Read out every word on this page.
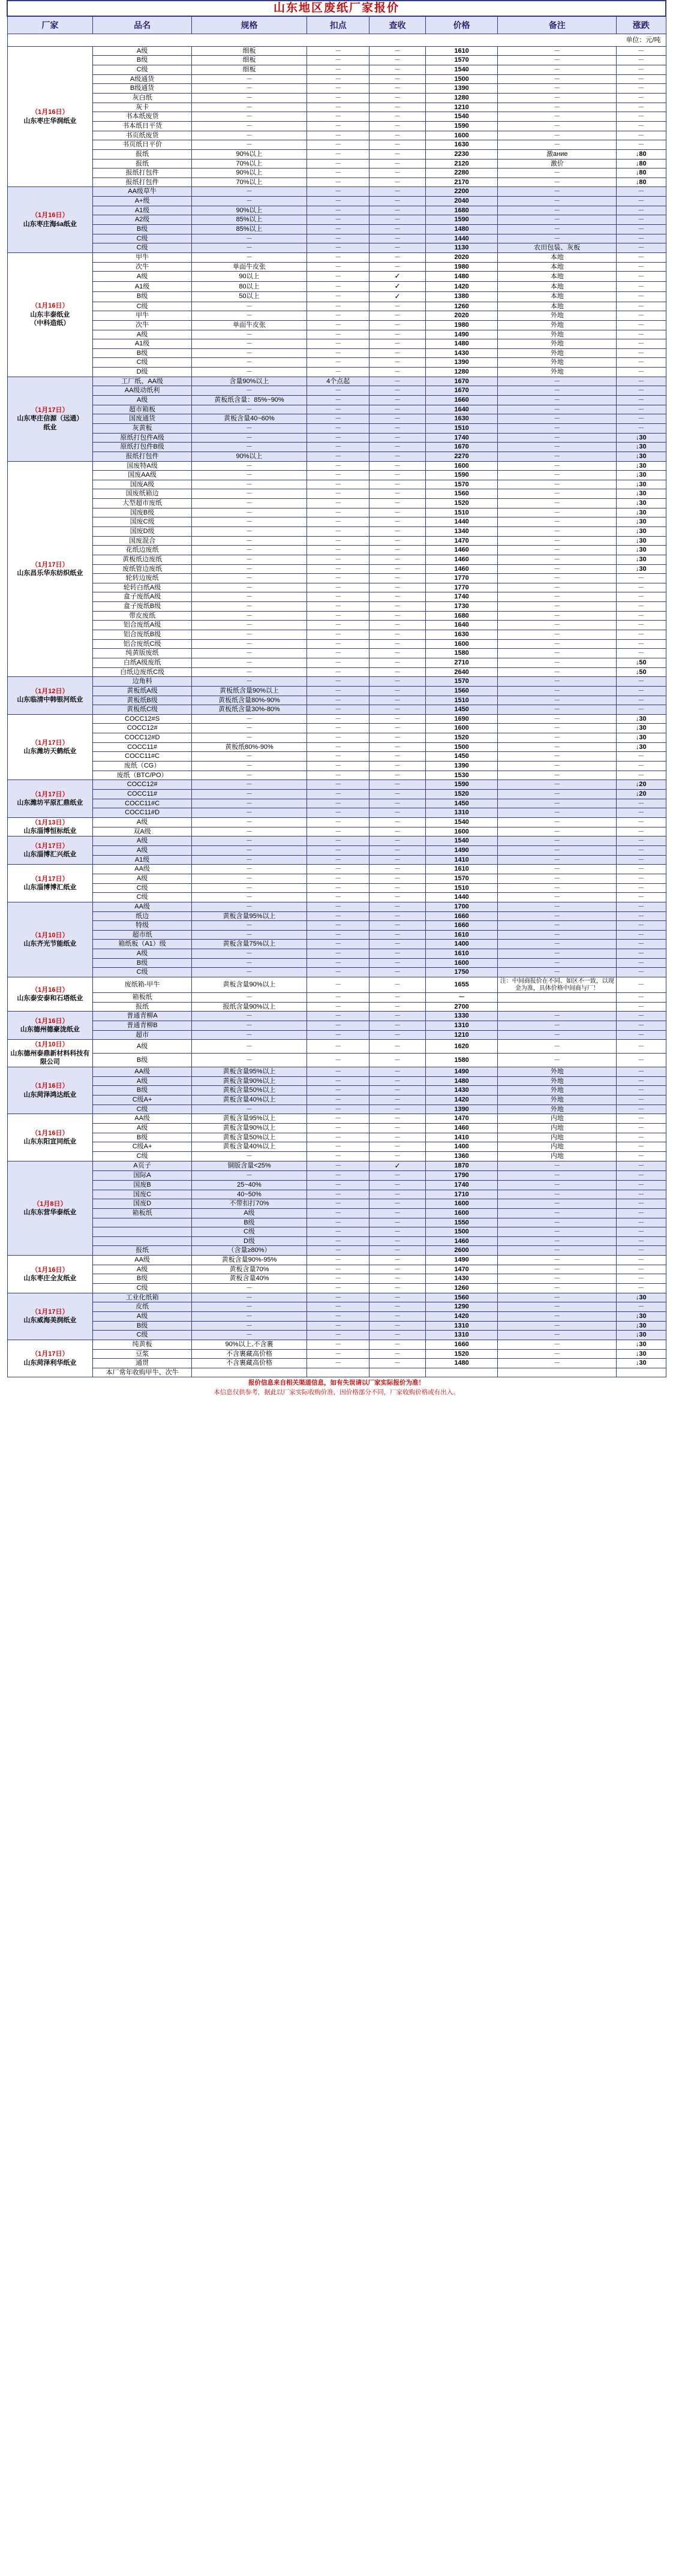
山东地区废纸厂家报价							
厂家	品名	规格	扣点	查收	价格	备注	涨跌
单位：元/吨							

（1月16日）
山东枣庄华润纸业	A级	细板	－	－	1610	－	－
	B级	细板	－	－	1570	－	－
	C级	细板	－	－	1540	－	－
	A级通货	－	－	－	1500	－	－
	B级通货	－	－	－	1390	－	－
	灰白纸	－	－	－	1280	－	－
	灰卡	－	－	－	1210	－	－
	书本纸废货	－	－	－	1540	－	－
	书本纸日平货	－	－	－	1590	－	－
	书页纸废货	－	－	－	1600	－	－
	书页纸日平价	－	－	－	1630	－	－
	报纸	90%以上	－	－	2230	激ание	↓80
	报纸	70%以上	－	－	2120	激价	↓80
	报纸打包件	90%以上	－	－	2280	－	↓80
	报纸打包件	70%以上	－	－	2170	－	↓80

（1月16日）
山东枣庄海śa纸业	AA级草牛	－	－	－	2200	－	－
	A+级	－	－	－	2040	－	－
	A1级	90%以上	－	－	1680	－	－
	A2级	85%以上	－	－	1590	－	－
	B级	85%以上	－	－	1480	－	－
	C级	－	－	－	1440	－	－
	C级	－	－	－	1130	农田包装、灰板	－

（1月16日）
山东丰泰纸业
（中科造纸）	甲牛	－	－	－	2020	本地	－
	次牛	单面牛皮张	－	－	1980	本地	－
	A级	90以上	－	✓	1480	本地	－
	A1级	80以上	－	✓	1420	本地	－
	B级	50以上	－	✓	1380	本地	－
	C级	－	－	－	1260	本地	－
	甲牛	－	－	－	2020	外地	－
	次牛	单面牛皮张	－	－	1980	外地	－
	A级	－	－	－	1490	外地	－
	A1级	－	－	－	1480	外地	－
	B级	－	－	－	1430	外地	－
	C级	－	－	－	1390	外地	－
	D级	－	－	－	1280	外地	－

（1月17日）
山东枣庄信源（远通）
纸业	工厂纸、AA级	含量90%以上	4个点起	－	1670	－	－
	AA级动纸利	－	－	－	1670	－	－
	A级	黄板纸含量：85%~90%	－	－	1660	－	－
	超市箱板	－	－	－	1640	－	－
	国废通货	黄板含量40~60%	－	－	1630	－	－
	灰黄板	－	－	－	1510	－	－
	原纸打包件A级	－	－	－	1740	－	↓30
	原纸打包件B级	－	－	－	1670	－	↓30
	报纸打包件	90%以上	－	－	2270	－	↓30

（1月17日）
山东昌乐华东纺织纸业	国废特A级	－	－	－	1600	－	↓30
	国废AA级	－	－	－	1590	－	↓30
	国废A级	－	－	－	1570	－	↓30
	国废纸箱边	－	－	－	1560	－	↓30
	大型超市废纸	－	－	－	1520	－	↓30
	国废B级	－	－	－	1510	－	↓30
	国废C级	－	－	－	1440	－	↓30
	国废D级	－	－	－	1340	－	↓30
	国废混合	－	－	－	1470	－	↓30
	花纸边废纸	－	－	－	1460	－	↓30
	黄板纸边废纸	－	－	－	1460	－	↓30
	废纸管边废纸	－	－	－	1460	－	↓30
	轮转边废纸	－	－	－	1770	－	－
	轮转白纸A级	－	－	－	1770	－	－
	盒子废纸A级	－	－	－	1740	－	－
	盒子废纸B级	－	－	－	1730	－	－
	带皮废纸	－	－	－	1680	－	－
	铝合废纸A级	－	－	－	1640	－	－
	铝合废纸B级	－	－	－	1630	－	－
	铝合废纸C级	－	－	－	1600	－	－
	纯黄版废纸	－	－	－	1580	－	－
	白纸A级废纸	－	－	－	2710	－	↓50
	白纸边废纸C级	－	－	－	2640	－	↓50

（1月12日）
山东临清中韩银河纸业	边角料	－	－	－	1570	－	－
	黄板纸A级	黄板纸含量90%以上	－	－	1560	－	－
	黄板纸B级	黄板纸含量80%-90%	－	－	1510	－	－
	黄板纸C级	黄板纸含量30%-80%	－	－	1450	－	－

（1月17日）
山东潍坊天鹤纸业	COCC12#S	－	－	－	1690	－	↓30
	COCC12#	－	－	－	1600	－	↓30
	COCC12#D	－	－	－	1520	－	↓30
	COCC11#	黄板纸80%-90%	－	－	1500	－	↓30
	COCC11#C	－	－	－	1450	－	－
	废纸（CG）	－	－	－	1390	－	－
	废纸（BTC/PO）	－	－	－	1530	－	－

（1月17日）
山东潍坊平原汇鼎纸业	COCC12#	－	－	－	1590	－	↓20
	COCC11#	－	－	－	1520	－	↓20
	COCC11#C	－	－	－	1450	－	－
	COCC11#D	－	－	－	1310	－	－

（1月13日）
山东淄博恒标纸业	A级	－	－	－	1540	－	－
	双A级	－	－	－	1600	－	－

（1月17日）
山东淄博汇兴纸业	A级	－	－	－	1540	－	－
	A级	－	－	－	1490	－	－
	A1级	－	－	－	1410	－	－

（1月17日）
山东淄博博汇纸业	AA级	－	－	－	1610	－	－
	A级	－	－	－	1570	－	－
	C级	－	－	－	1510	－	－
	C级	－	－	－	1440	－	－

（1月10日）
山东齐光节能纸业	AA级	－	－	－	1700	－	－
	纸边	黄板含量95%以上	－	－	1660	－	－
	特级	－	－	－	1660	－	－
	超市纸	－	－	－	1610	－	－
	箱纸板（A1）级	黄板含量75%以上	－	－	1400	－	－
	A级	－	－	－	1610	－	－
	B级	－	－	－	1600	－	－
	C级	－	－	－	1750	－	－

（1月16日）
山东泰安泰和石塔纸业	废纸箱-甲牛	黄板含量90%以上	－	－	1655	注：中间商报价在不同、如区不一致，以现金为准，具体价格中间商与厂！	－
	箱板纸	－	－	－	－		－
	报纸	报纸含量90%以上	－	－	2700		－

（1月16日）
山东德州德豪泷纸业	普通青柳A	－	－	－	1330	－	－
	普通青柳B	－	－	－	1310	－	－
	超市	－	－	－	1210	－	－

（1月10日）
山东德州泰鼎新材料科技有限公司	A级	－	－	－	1620	－	－
	B级	－	－	－	1580	－	－

（1月16日）
山东菏泽鸿达纸业	AA级	黄板含量95%以上	－	－	1490	外地	－
	A级	黄板含量90%以上	－	－	1480	外地	－
	B级	黄板含量50%以上	－	－	1430	外地	－
	C级A+	黄板含量40%以上	－	－	1420	外地	－
	C级	－	－	－	1390	外地	－

（1月16日）
山东东阳宣同纸业	AA级	黄板含量95%以上	－	－	1470	内地	－
	A级	黄板含量90%以上	－	－	1460	内地	－
	B级	黄板含量50%以上	－	－	1410	内地	－
	C级A+	黄板含量40%以上	－	－	1400	内地	－
	C级	－	－	－	1360	内地	－

（1月8日）
山东东营华泰纸业	A页子	铜版含量<25%	－	✓	1870	－	－
	国际A	－	－	－	1790	－	－
	国废B	25~40%	－	－	1740	－	－
	国废C	40~50%	－	－	1710	－	－
	国废D	不带扣打70%	－	－	1600	－	－
	箱板纸	A级	－	－	1600	－	－
		B级	－	－	1550	－	－
		C级	－	－	1500	－	－
		D级	－	－	1460	－	－
	报纸	（含量≥80%）	－	－	2600	－	－

（1月16日）
山东枣庄全友纸业	AA级	黄板含量90%-95%	－	－	1490	－	－
	A级	黄板含量70%	－	－	1470	－	－
	B级	黄板含量40%	－	－	1430	－	－
	C级	－	－	－	1260	－	－

（1月17日）
山东威海美润纸业	工业化纸箱	－	－	－	1560	－	↓30
	皮纸	－	－	－	1290	－	－
	A级	－	－	－	1420	－	↓30
	B级	－	－	－	1310	－	↓30
	C级	－	－	－	1310	－	↓30

（1月17日）
山东菏泽利华纸业	纯黄板	90%以上,不含裹	－	－	1660	－	↓30
	豆浆	不含裹藏高价格	－	－	1520	－	↓30
	通贯	不含裹藏高价格	－	－	1480	－	↓30
	本厂常年收购甲牛、次牛						
报价信息来自相关渠道信息，如有失误请以厂家实际报价为准！
本信息仅供参考，据此以厂家实际收购价准，因价格部分不同，厂家收购价格或有出入。
